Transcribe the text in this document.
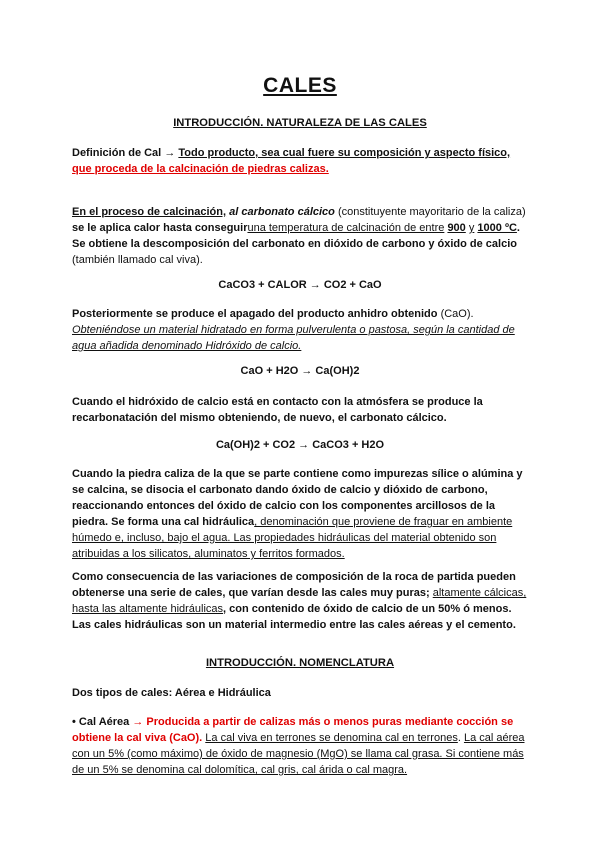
CALES
INTRODUCCIÓN. NATURALEZA DE LAS CALES
Definición de Cal → Todo producto, sea cual fuere su composición y aspecto físico,
que proceda de la calcinación de piedras calizas.
En el proceso de calcinación, al carbonato cálcico (constituyente mayoritario de la caliza) se le aplica calor hasta conseguiruna temperatura de calcinación de entre 900 y 1000 ºC. Se obtiene la descomposición del carbonato en dióxido de carbono y óxido de calcio (también llamado cal viva).
CaCO3 + CALOR → CO2 + CaO
Posteriormente se produce el apagado del producto anhidro obtenido (CaO). Obteniéndose un material hidratado en forma pulverulenta o pastosa, según la cantidad de agua añadida denominado Hidróxido de calcio.
CaO + H2O → Ca(OH)2
Cuando el hidróxido de calcio está en contacto con la atmósfera se produce la recarbonatación del mismo obteniendo, de nuevo, el carbonato cálcico.
Ca(OH)2 + CO2 → CaCO3 + H2O
Cuando la piedra caliza de la que se parte contiene como impurezas sílice o alúmina y se calcina, se disocia el carbonato dando óxido de calcio y dióxido de carbono, reaccionando entonces del óxido de calcio con los componentes arcillosos de la piedra. Se forma una cal hidráulica, denominación que proviene de fraguar en ambiente húmedo e, incluso, bajo el agua. Las propiedades hidráulicas del material obtenido son atribuidas a los silicatos, aluminatos y ferritos formados.
Como consecuencia de las variaciones de composición de la roca de partida pueden obtenerse una serie de cales, que varían desde las cales muy puras; altamente cálcicas, hasta las altamente hidráulicas, con contenido de óxido de calcio de un 50% ó menos. Las cales hidráulicas son un material intermedio entre las cales aéreas y el cemento.
INTRODUCCIÓN. NOMENCLATURA
Dos tipos de cales: Aérea e Hidráulica
• Cal Aérea → Producida a partir de calizas más o menos puras mediante cocción se obtiene la cal viva (CaO). La cal viva en terrones se denomina cal en terrones. La cal aérea con un 5% (como máximo) de óxido de magnesio (MgO) se llama cal grasa. Si contiene más de un 5% se denomina cal dolomítica, cal gris, cal árida o cal magra.
